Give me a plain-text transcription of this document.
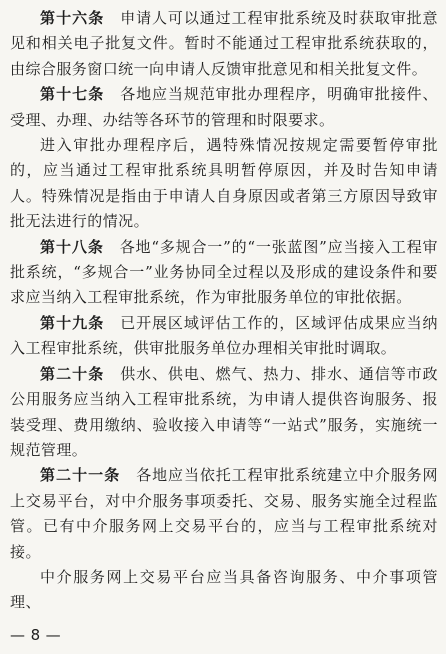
第十六条　 申请人可以通过工程审批系统及时获取审批意见和相关电子批复文件。暂时不能通过工程审批系统获取的，由综合服务窗口统一向申请人反馈审批意见和相关批复文件。

第十七条　 各地应当规范审批办理程序，明确审批接件、受理、办理、办结等各环节的管理和时限要求。

进入审批办理程序后，遇特殊情况按规定需要暂停审批的，应当通过工程审批系统具明暂停原因，并及时告知申请人。特殊情况是指由于申请人自身原因或者第三方原因导致审批无法进行的情况。

第十八条　 各地“多规合一”的“一张蓝图”应当接入工程审批系统，“多规合一”业务协同全过程以及形成的建设条件和要求应当纳入工程审批系统，作为审批服务单位的审批依据。

第十九条　 已开展区域评估工作的，区域评估成果应当纳入工程审批系统，供审批服务单位办理相关审批时调取。

第二十条　 供水、供电、燃气、热力、排水、通信等市政公用服务应当纳入工程审批系统，为申请人提供咨询服务、报装受理、费用缴纳、验收接入申请等“一站式”服务，实施统一规范管理。

第二十一条　 各地应当依托工程审批系统建立中介服务网上交易平台，对中介服务事项委托、交易、服务实施全过程监管。已有中介服务网上交易平台的，应当与工程审批系统对接。

中介服务网上交易平台应当具备咨询服务、中介事项管理、

— 8 —
